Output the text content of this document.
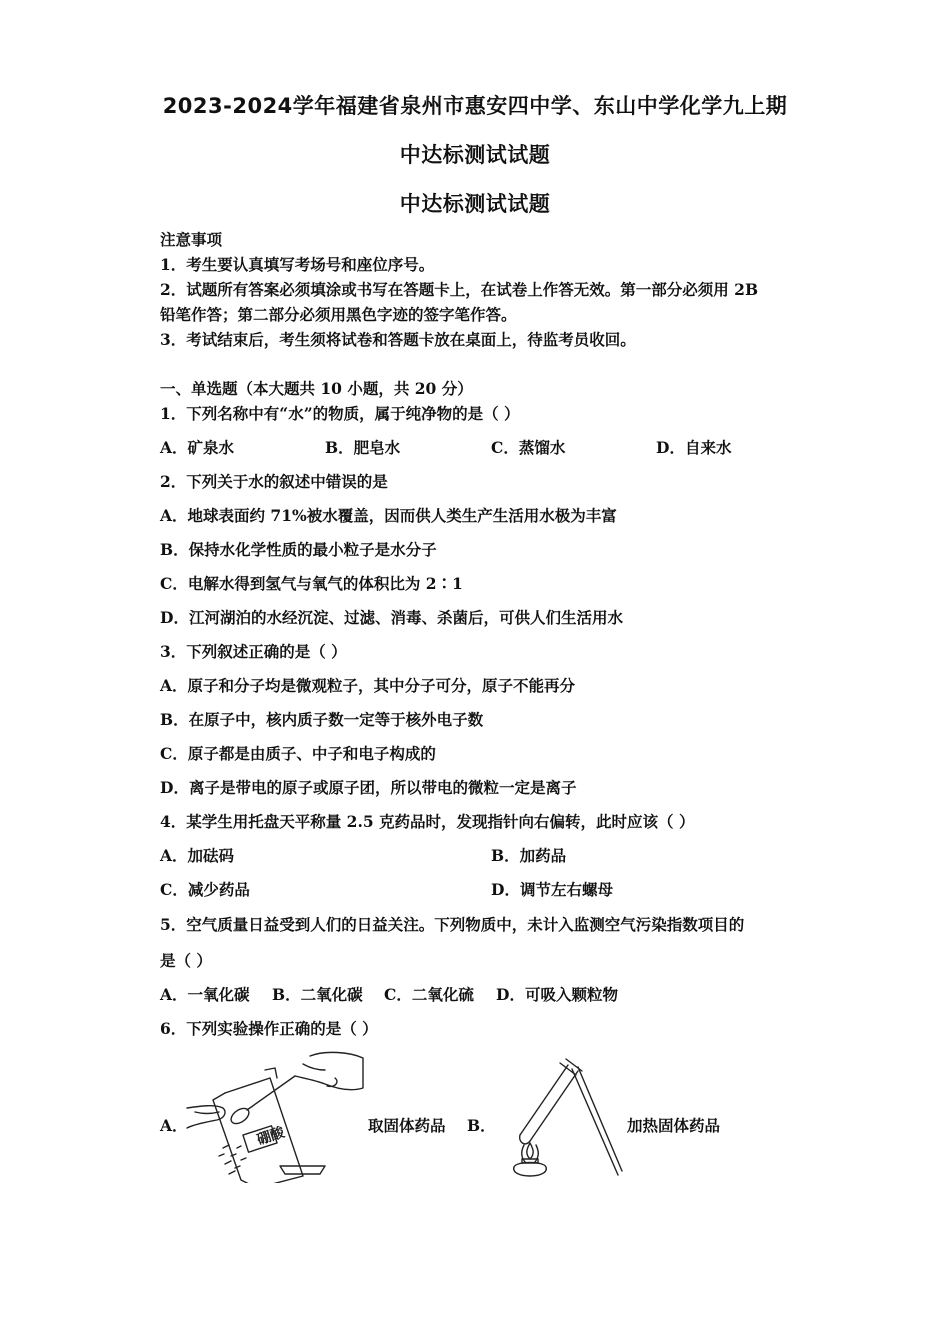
2023-2024学年福建省泉州市惠安四中学、东山中学化学九上期
中达标测试试题
中达标测试试题
注意事项
1．考生要认真填写考场号和座位序号。
2．试题所有答案必须填涂或书写在答题卡上，在试卷上作答无效。第一部分必须用 2B
铅笔作答；第二部分必须用黑色字迹的签字笔作答。
3．考试结束后，考生须将试卷和答题卡放在桌面上，待监考员收回。
一、单选题（本大题共 10 小题，共 20 分）
1．下列名称中有“水”的物质，属于纯净物的是（ ）
A．矿泉水	B．肥皂水	C．蒸馏水	D．自来水
2．下列关于水的叙述中错误的是
A．地球表面约 71%被水覆盖，因而供人类生产生活用水极为丰富
B．保持水化学性质的最小粒子是水分子
C．电解水得到氢气与氧气的体积比为 2∶1
D．江河湖泊的水经沉淀、过滤、消毒、杀菌后，可供人们生活用水
3．下列叙述正确的是（ ）
A．原子和分子均是微观粒子，其中分子可分，原子不能再分
B．在原子中，核内质子数一定等于核外电子数
C．原子都是由质子、中子和电子构成的
D．离子是带电的原子或原子团，所以带电的微粒一定是离子
4．某学生用托盘天平称量 2.5 克药品时，发现指针向右偏转，此时应该（ ）
A．加砝码	B．加药品
C．减少药品	D．调节左右螺母
5．空气质量日益受到人们的日益关注。下列物质中，未计入监测空气污染指数项目的
是（ ）
A．一氧化碳 B．二氧化碳 C．二氧化硫 D．可吸入颗粒物
6．下列实验操作正确的是（ ）
A．	硼酸	取固体药品 B．	加热固体药品
